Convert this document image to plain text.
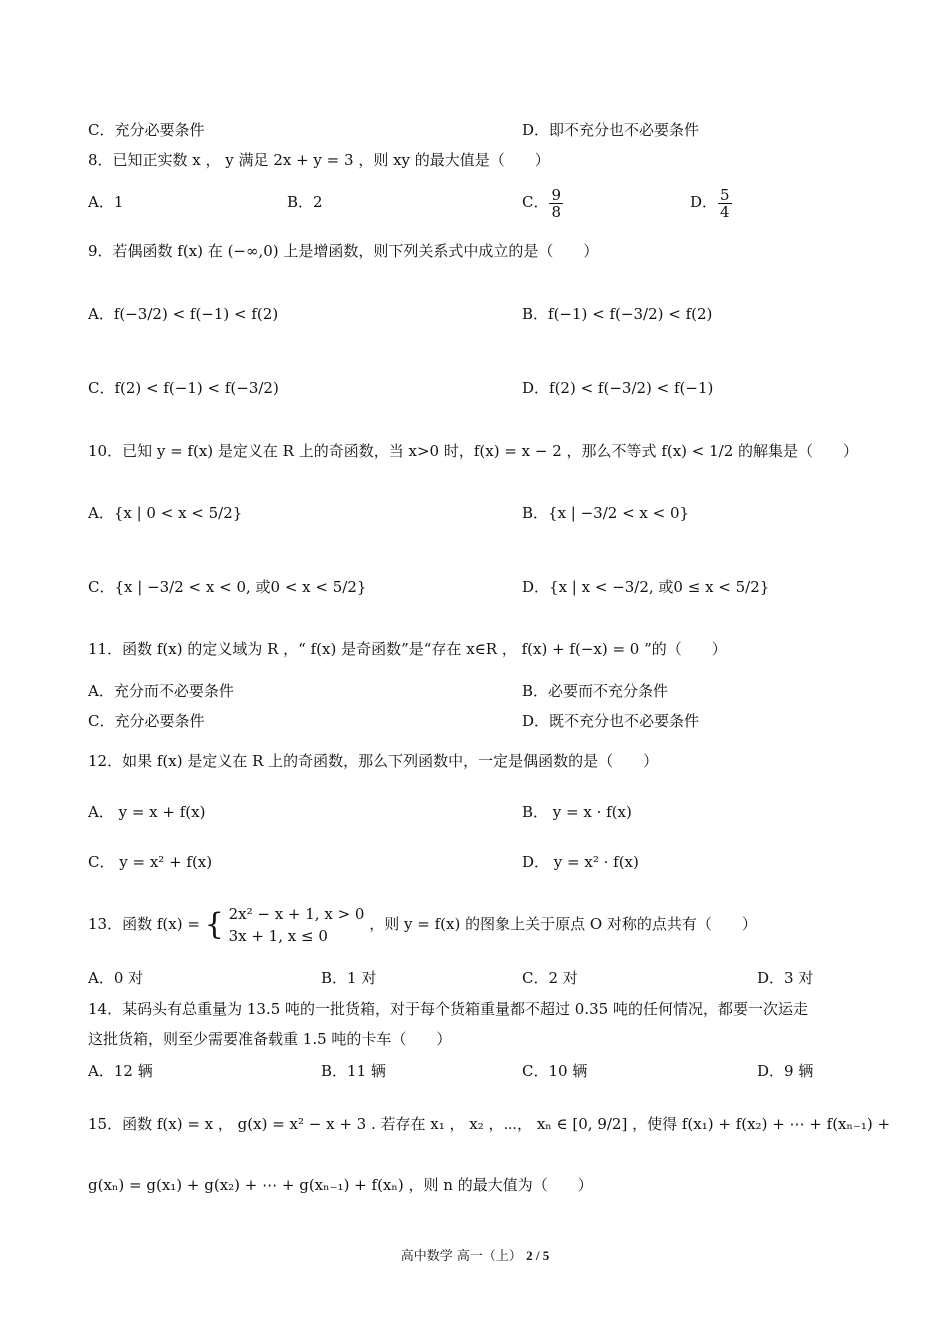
C．充分必要条件	D．即不充分也不必要条件
8．已知正实数 x ， y 满足 2x + y = 3 ，则 xy 的最大值是（　　）
A．1	B．2	C． $\frac{9}{8}$	D． $\frac{5}{4}$
9．若偶函数 f(x) 在 (−∞,0) 上是增函数，则下列关系式中成立的是（　　）
A．f(−3/2) < f(−1) < f(2)	B．f(−1) < f(−3/2) < f(2)
C．f(2) < f(−1) < f(−3/2)	D．f(2) < f(−3/2) < f(−1)
10．已知 y = f(x) 是定义在 R 上的奇函数，当 x>0 时，f(x) = x − 2 ，那么不等式 f(x) < 1/2 的解集是（　　）
A．{x | 0 < x < 5/2}	B．{x | −3/2 < x < 0}
C．{x | −3/2 < x < 0, 或0 < x < 5/2}	D．{x | x < −3/2, 或0 ≤ x < 5/2}
11．函数 f(x) 的定义域为 R ，“ f(x) 是奇函数”是“存在 x∈R ， f(x) + f(−x) = 0 ”的（　　）
A．充分而不必要条件	B．必要而不充分条件
C．充分必要条件	D．既不充分也不必要条件
12．如果 f(x) 是定义在 R 上的奇函数，那么下列函数中，一定是偶函数的是（　　）
A． y = x + f(x)	B． y = x · f(x)
C． y = x² + f(x)	D． y = x² · f(x)
13．函数 f(x) = { 2x² − x + 1, x > 0
3x + 1, x ≤ 0
，则 y = f(x) 的图象上关于原点 O 对称的点共有（　　）
A．0 对	B．1 对	C．2 对	D．3 对
14．某码头有总重量为 13.5 吨的一批货箱，对于每个货箱重量都不超过 0.35 吨的任何情况，都要一次运走
这批货箱，则至少需要准备载重 1.5 吨的卡车（　　）
A．12 辆	B．11 辆	C．10 辆	D．9 辆
15．函数 f(x) = x ， g(x) = x² − x + 3 . 若存在 x₁ ， x₂ ，⋯， xₙ ∈ [0, 9/2] ，使得 f(x₁) + f(x₂) + ⋯ + f(xₙ₋₁) +
g(xₙ) = g(x₁) + g(x₂) + ⋯ + g(xₙ₋₁) + f(xₙ) ，则 n 的最大值为（　　）
高中数学 高一（上） 2 / 5
